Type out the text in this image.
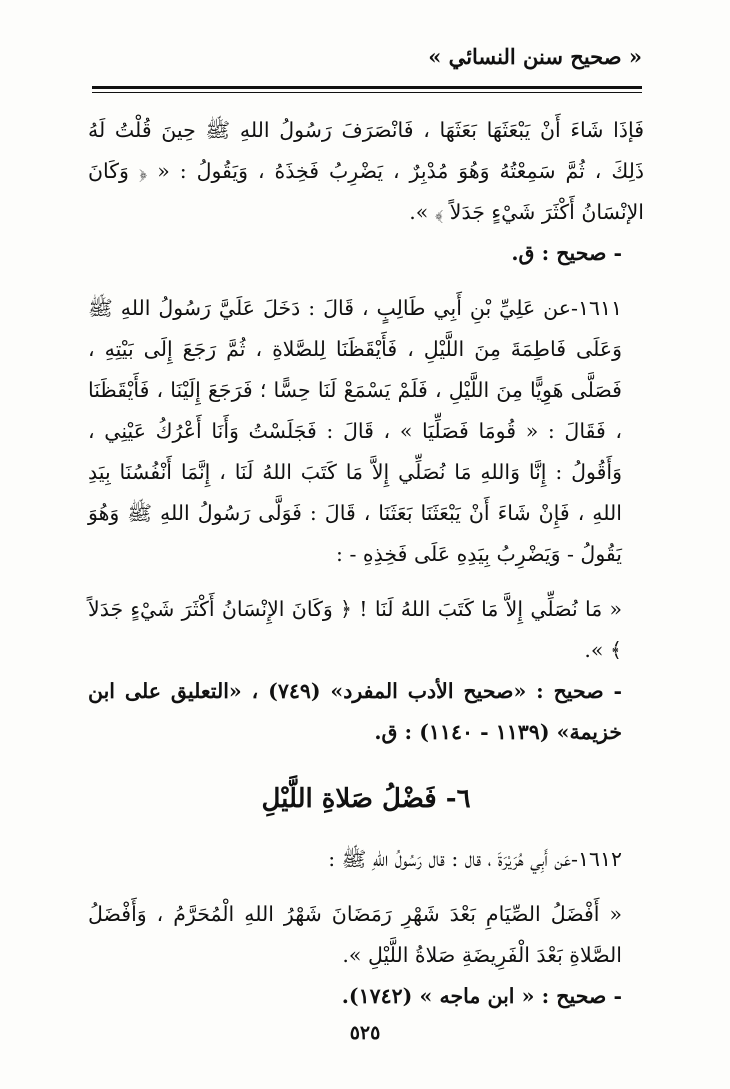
« صحيح سنن النسائي »

فَإذَا شَاءَ أَنْ يَبْعَثَهَا بَعَثَهَا ، فَانْصَرَفَ رَسُولُ اللهِ ﷺ حِينَ قُلْتُ لَهُ ذَلِكَ ، ثُمَّ سَمِعْتُهُ وَهُوَ مُدْبِرٌ ، يَضْرِبُ فَخِذَهُ ، وَيَقُولُ : « ﴿ وَكَانَ الإنْسَانُ أَكْثَرَ شَيْءٍ جَدَلاً ﴾ ».

- صحيح : ق.

١٦١١-عن عَلِيِّ بْنِ أَبِي طَالِبٍ ، قَالَ : دَخَلَ عَلَيَّ رَسُولُ اللهِ ﷺ وَعَلَى فَاطِمَةَ مِنَ اللَّيْلِ ، فَأَيْقَظَنَا لِلصَّلاةِ ، ثُمَّ رَجَعَ إِلَى بَيْتِهِ ، فَصَلَّى هَوِيًّا مِنَ اللَّيْلِ ، فَلَمْ يَسْمَعْ لَنَا حِسًّا ؛ فَرَجَعَ إِلَيْنَا ، فَأَيْقَظَنَا ، فَقَالَ : « قُومَا فَصَلِّيَا » ، قَالَ : فَجَلَسْتُ وَأَنَا أَعْرُكُ عَيْنِي ، وَأَقُولُ : إِنَّا وَاللهِ مَا نُصَلِّي إِلاَّ مَا كَتَبَ اللهُ لَنَا ، إِنَّمَا أَنْفُسُنَا بِيَدِ اللهِ ، فَإِنْ شَاءَ أَنْ يَبْعَثَنَا بَعَثَنَا ، قَالَ : فَوَلَّى رَسُولُ اللهِ ﷺ وَهُوَ يَقُولُ - وَيَضْرِبُ بِيَدِهِ عَلَى فَخِذِهِ - :

« مَا نُصَلِّي إِلاَّ مَا كَتَبَ اللهُ لَنَا ! ﴿ وَكَانَ الإِنْسَانُ أَكْثَرَ شَيْءٍ جَدَلاً ﴾ ».

- صحيح : «صحيح الأدب المفرد» (٧٤٩) ، «التعليق على ابن خزيمة» (١١٣٩ - ١١٤٠) : ق.

٦- فَضْلُ صَلاةِ اللَّيْلِ

١٦١٢-عَن أَبِي هُرَيْرَةَ ، قال : قال رَسُولُ اللهِ ﷺ :

« أَفْضَلُ الصِّيَامِ بَعْدَ شَهْرِ رَمَضَانَ شَهْرُ اللهِ الْمُحَرَّمُ ، وَأَفْضَلُ الصَّلاةِ بَعْدَ الْفَرِيضَةِ صَلاةُ اللَّيْلِ ».

- صحيح : « ابن ماجه » (١٧٤٢).

٥٢٥
